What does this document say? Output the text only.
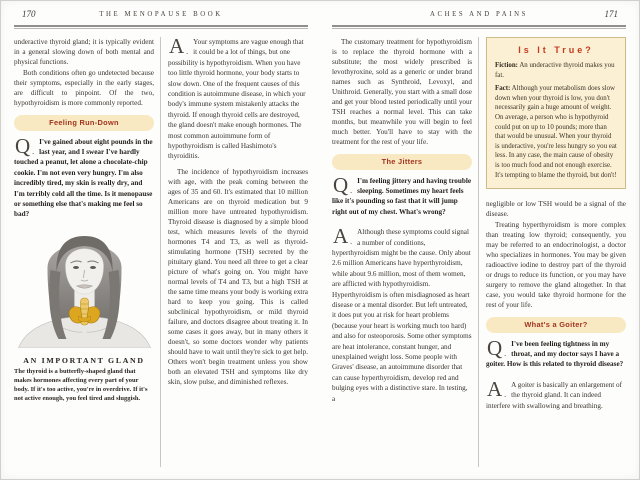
170	THE MENOPAUSE BOOK

underactive thyroid gland; it is typically evident in a general slowing down of both mental and physical functions.

Both conditions often go undetected because their symptoms, especially in the early stages, are difficult to pinpoint. Of the two, hypothyroidism is more commonly reported.

Feeling Run-Down

Q .
I've gained about eight pounds in the last year, and I swear I've hardly touched a peanut, let alone a chocolate-chip cookie. I'm not even very hungry. I'm also incredibly tired, my skin is really dry, and I'm terribly cold all the time. Is it menopause or something else that's making me feel so bad?

AN IMPORTANT GLAND
The thyroid is a butterfly-shaped gland that makes hormones affecting every part of your body. If it's too active, you're in overdrive. If it's not active enough, you feel tired and sluggish.

A .
Your symptoms are vague enough that it could be a lot of things, but one possibility is hypothyroidism. When you have too little thyroid hormone, your body starts to slow down. One of the frequent causes of this condition is autoimmune disease, in which your body's immune system mistakenly attacks the thyroid. If enough thyroid cells are destroyed, the gland doesn't make enough hormones. The most common autoimmune form of hypothyroidism is called Hashimoto's thyroiditis.

The incidence of hypothyroidism increases with age, with the peak coming between the ages of 35 and 60. It's estimated that 10 million Americans are on thyroid medication but 9 million more have untreated hypothyroidism. Thyroid disease is diagnosed by a simple blood test, which measures levels of the thyroid hormones T4 and T3, as well as thyroid-stimulating hormone (TSH) secreted by the pituitary gland. You need all three to get a clear picture of what's going on. You might have normal levels of T4 and T3, but a high TSH at the same time means your body is working extra hard to keep you going. This is called subclinical hypothyroidism, or mild thyroid failure, and doctors disagree about treating it. In some cases it goes away, but in many others it doesn't, so some doctors wonder why patients should have to wait until they're sick to get help. Others won't begin treatment unless you show both an elevated TSH and symptoms like dry skin, slow pulse, and diminished reflexes.

ACHES AND PAINS	171

The customary treatment for hypothyroidism is to replace the thyroid hormone with a substitute; the most widely prescribed is levothyroxine, sold as a generic or under brand names such as Synthroid, Levoxyl, and Unithroid. Generally, you start with a small dose and get your blood tested periodically until your TSH reaches a normal level. This can take months, but meanwhile you will begin to feel much better. You'll have to stay with the treatment for the rest of your life.

The Jitters

Q .
I'm feeling jittery and having trouble sleeping. Sometimes my heart feels like it's pounding so fast that it will jump right out of my chest. What's wrong?

A .
Although these symptoms could signal a number of conditions, hyperthyroidism might be the cause. Only about 2.6 million Americans have hyperthyroidism, while about 9.6 million, most of them women, are afflicted with hypothyroidism. Hyperthyroidism is often misdiagnosed as heart disease or a mental disorder. But left untreated, it does put you at risk for heart problems (because your heart is working much too hard) and also for osteoporosis. Some other symptoms are heat intolerance, constant hunger, and unexplained weight loss. Some people with Graves' disease, an autoimmune disorder that can cause hyperthyroidism, develop red and bulging eyes with a distinctive stare. In testing, a

Is It True?

Fiction: An underactive thyroid makes you fat.

Fact: Although your metabolism does slow down when your thyroid is low, you don't necessarily gain a huge amount of weight. On average, a person who is hypothyroid could put on up to 10 pounds; more than that would be unusual. When your thyroid is underactive, you're less hungry so you eat less. In any case, the main cause of obesity is too much food and not enough exercise. It's tempting to blame the thyroid, but don't!

negligible or low TSH would be a signal of the disease.

Treating hyperthyroidism is more complex than treating low thyroid; consequently, you may be referred to an endocrinologist, a doctor who specializes in hormones. You may be given radioactive iodine to destroy part of the thyroid or drugs to reduce its function, or you may have surgery to remove the gland altogether. In that case, you would take thyroid hormone for the rest of your life.

What's a Goiter?

Q .
I've been feeling tightness in my throat, and my doctor says I have a goiter. How is this related to thyroid disease?

A .
A goiter is basically an enlargement of the thyroid gland. It can indeed interfere with swallowing and breathing.
